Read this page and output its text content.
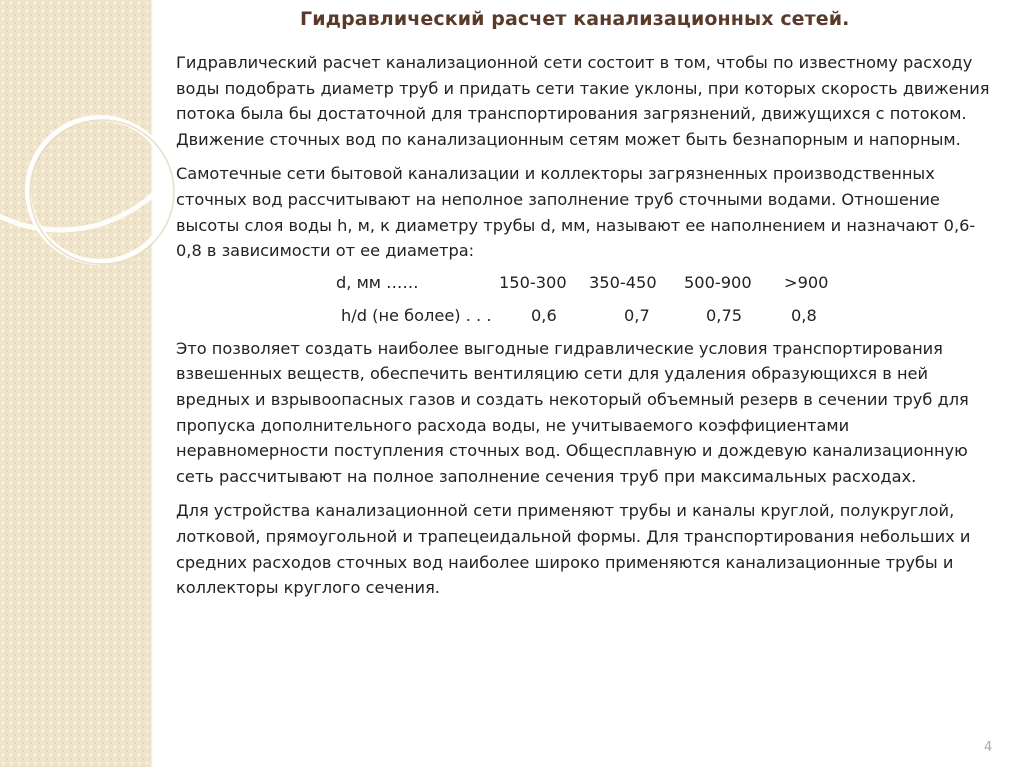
Гидравлический расчет канализационных сетей.

Гидравлический расчет канализационной сети состоит в том, чтобы по известному расходу воды подобрать диаметр труб и придать сети такие уклоны, при которых скорость движения потока была бы достаточной для транспортирования загрязнений, движущихся с потоком. Движение сточных вод по канализационным сетям может быть безнапорным и напорным.

Самотечные сети бытовой канализации и коллекторы загрязненных производственных сточных вод рассчитывают на неполное заполнение труб сточными водами. Отношение высоты слоя воды h, м, к диаметру трубы d, мм, называют ее наполнением и назначают 0,6-0,8 в зависимости от ее диаметра:

d, мм ……	150-300 350-450 500-900 >900
h/d (не более) . . . 0,6	0,7	0,75	0,8

Это позволяет создать наиболее выгодные гидравлические условия транспортирования взвешенных веществ, обеспечить вентиляцию сети для удаления образующихся в ней вредных и взрывоопасных газов и создать некоторый объемный резерв в сечении труб для пропуска дополнительного расхода воды, не учитываемого коэффициентами неравномерности поступления сточных вод. Общесплавную и дождевую канализационную сеть рассчитывают на полное заполнение сечения труб при максимальных расходах.

Для устройства канализационной сети применяют трубы и каналы круглой, полукруглой, лотковой, прямоугольной и трапецеидальной формы. Для транспортирования небольших и средних расходов сточных вод наиболее широко применяются канализационные трубы и коллекторы круглого сечения.

4
